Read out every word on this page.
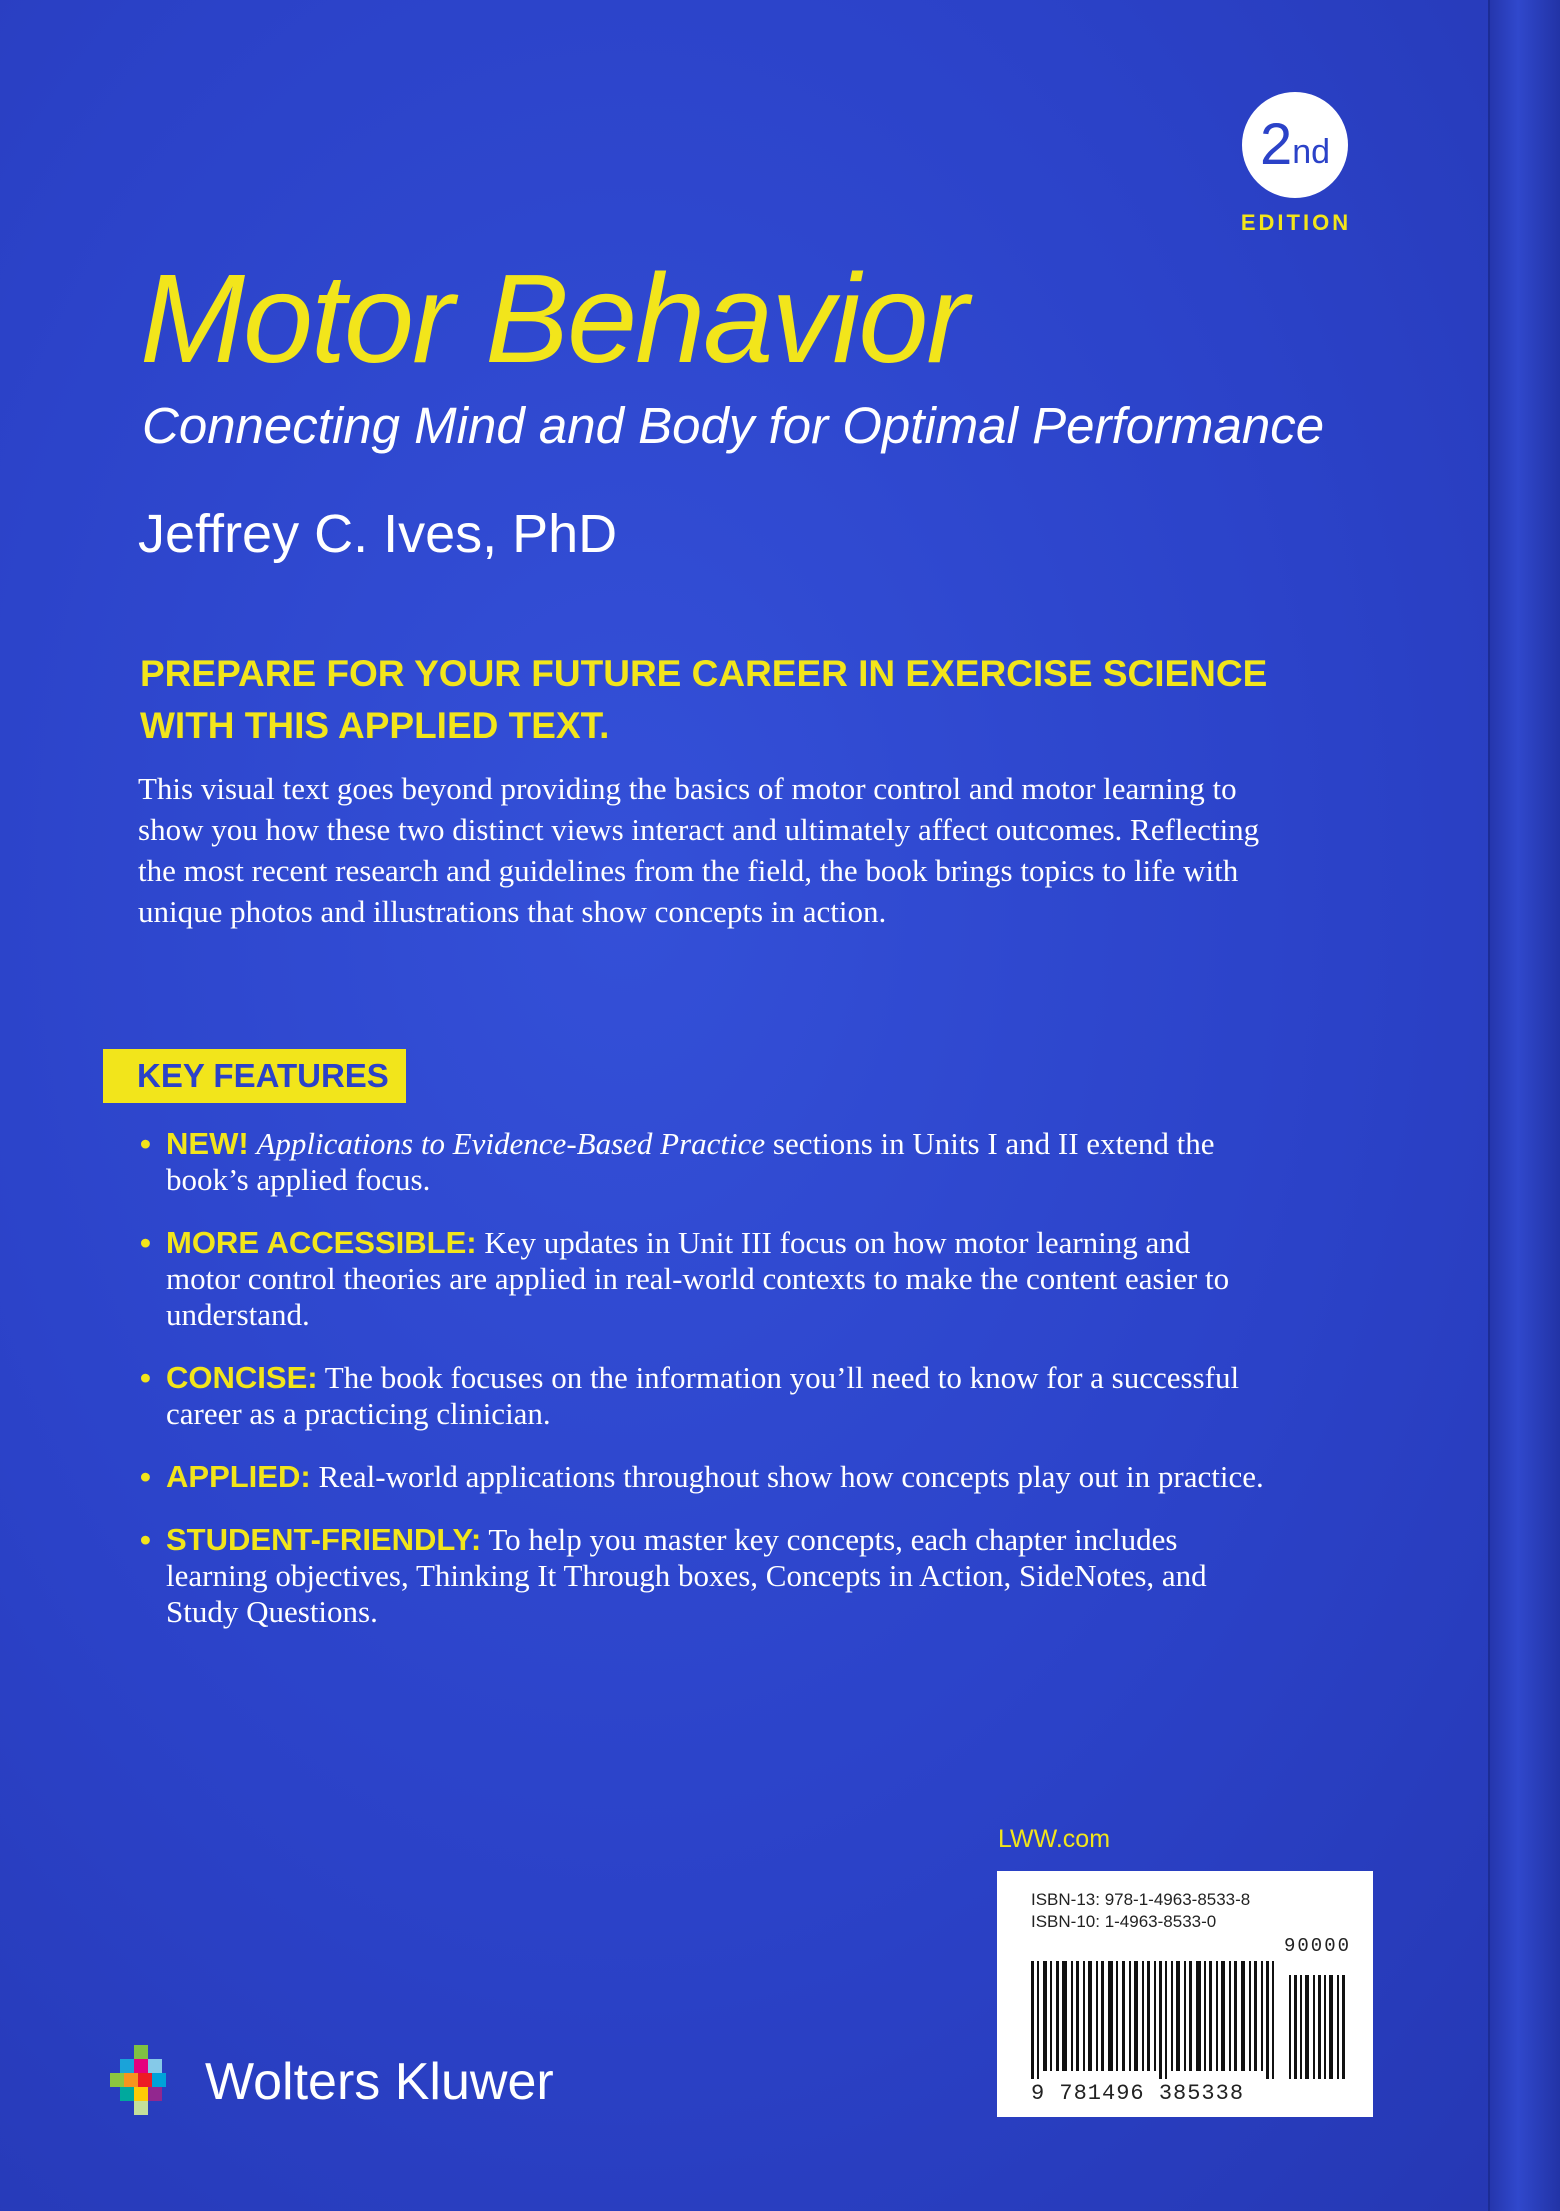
2 nd
EDITION
Motor Behavior
Connecting Mind and Body for Optimal Performance
Jeffrey C. Ives, PhD
PREPARE FOR YOUR FUTURE CAREER IN EXERCISE SCIENCE
WITH THIS APPLIED TEXT.
This visual text goes beyond providing the basics of motor control and motor learning to show you how these two distinct views interact and ultimately affect outcomes. Reflecting the most recent research and guidelines from the field, the book brings topics to life with unique photos and illustrations that show concepts in action.
KEY FEATURES
• NEW! Applications to Evidence-Based Practice sections in Units I and II extend the book’s applied focus.
• MORE ACCESSIBLE: Key updates in Unit III focus on how motor learning and motor control theories are applied in real-world contexts to make the content easier to understand.
• CONCISE: The book focuses on the information you’ll need to know for a successful career as a practicing clinician.
• APPLIED: Real-world applications throughout show how concepts play out in practice.
• STUDENT-FRIENDLY: To help you master key concepts, each chapter includes learning objectives, Thinking It Through boxes, Concepts in Action, SideNotes, and Study Questions.
LWW.com
ISBN-13: 978-1-4963-8533-8
ISBN-10: 1-4963-8533-0
90000
9 781496 385338
Wolters Kluwer
